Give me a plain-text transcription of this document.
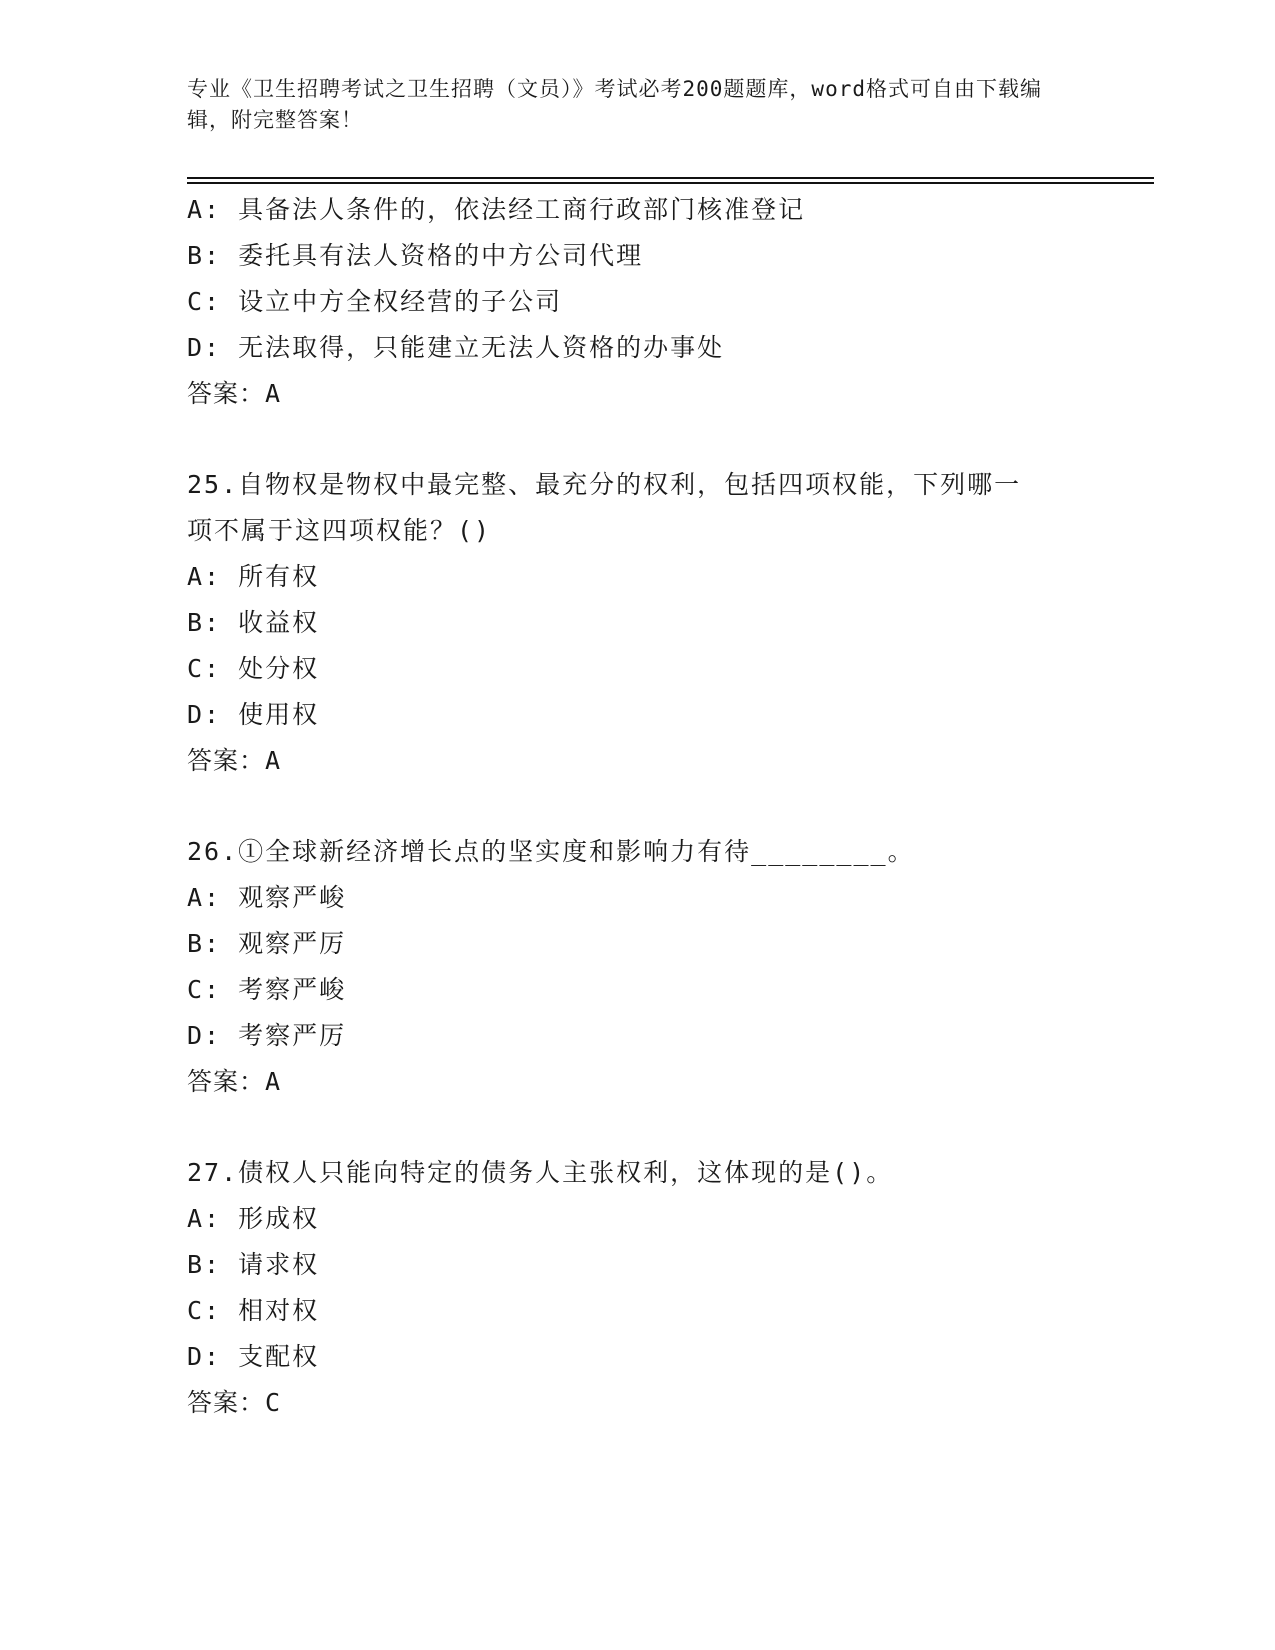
专业《卫生招聘考试之卫生招聘（文员）》考试必考200题题库，word格式可自由下载编辑，附完整答案！
A: 具备法人条件的，依法经工商行政部门核准登记
B: 委托具有法人资格的中方公司代理
C: 设立中方全权经营的子公司
D: 无法取得，只能建立无法人资格的办事处
答案：A
25.自物权是物权中最完整、最充分的权利，包括四项权能，下列哪一
项不属于这四项权能？()
A: 所有权
B: 收益权
C: 处分权
D: 使用权
答案：A
26.①全球新经济增长点的坚实度和影响力有待________。
A: 观察严峻
B: 观察严厉
C: 考察严峻
D: 考察严厉
答案：A
27.债权人只能向特定的债务人主张权利，这体现的是()。
A: 形成权
B: 请求权
C: 相对权
D: 支配权
答案：C
